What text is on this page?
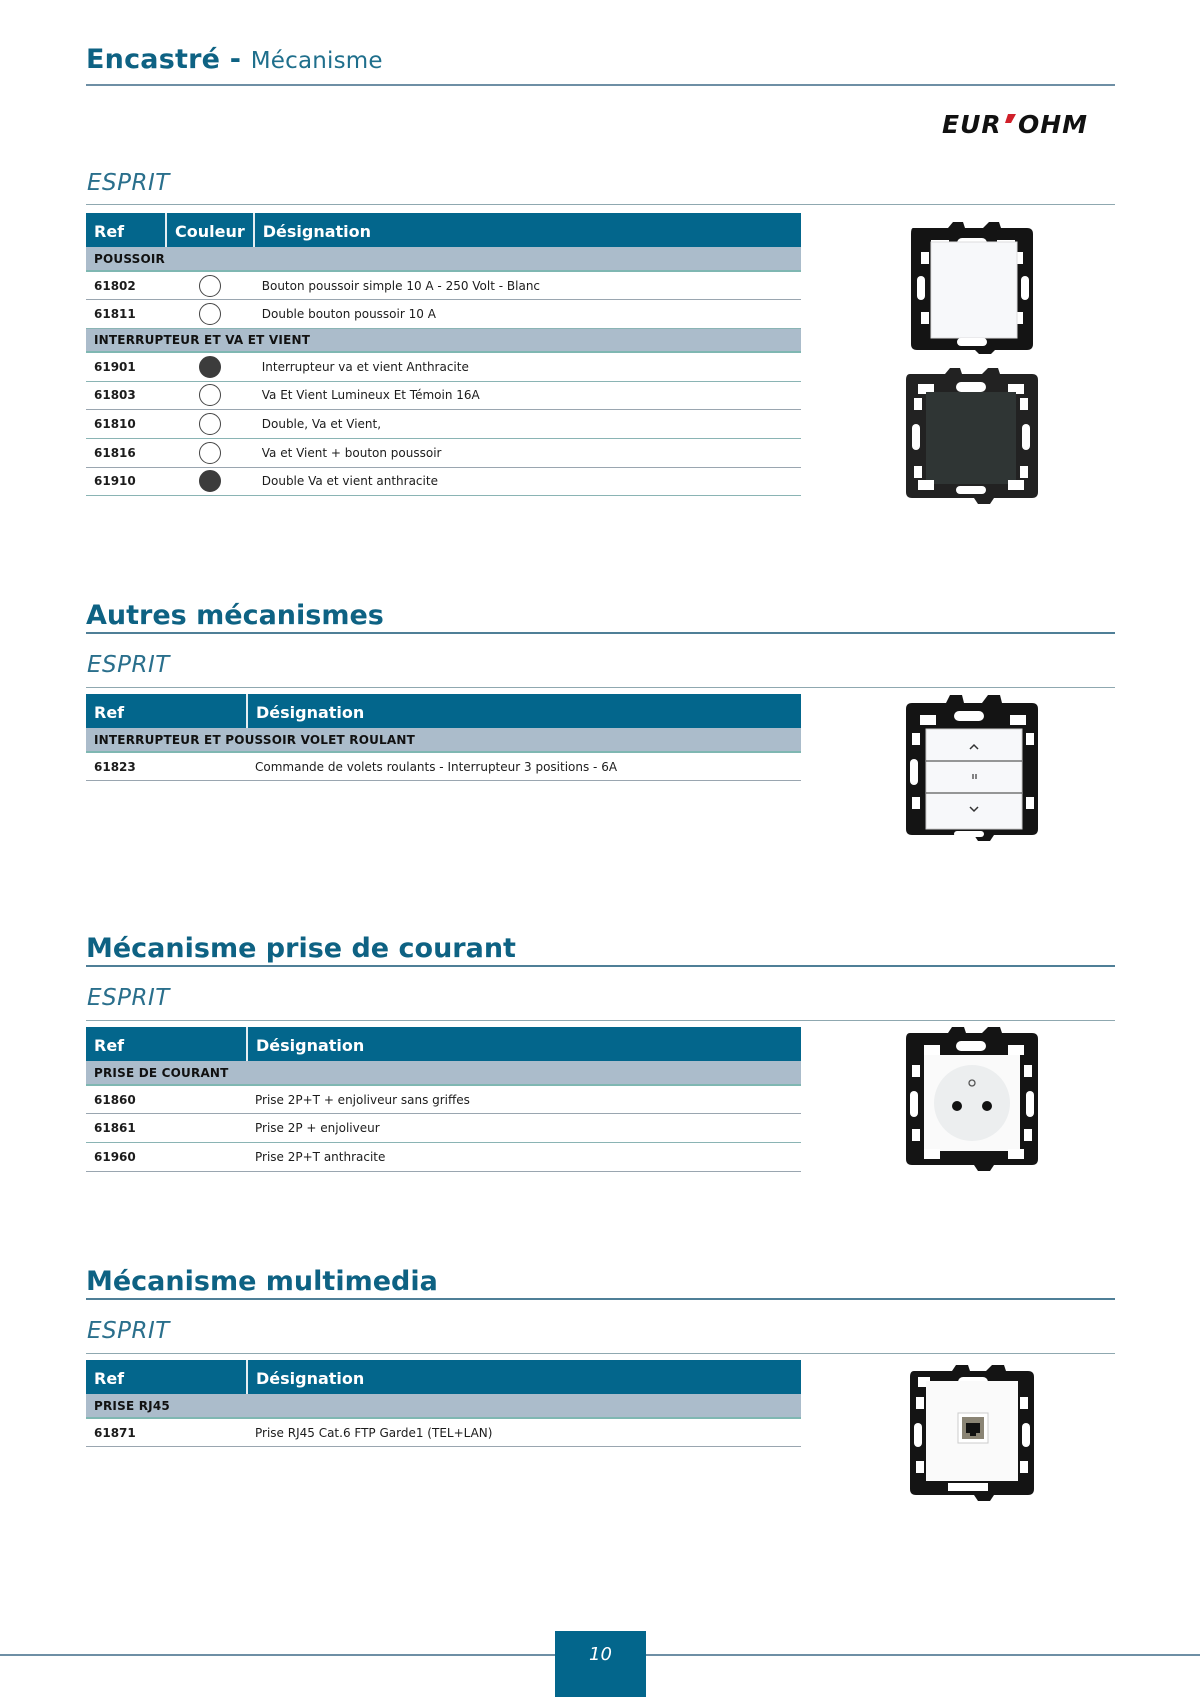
Encastré - Mécanisme
EUR OHM
ESPRIT
Ref	Couleur	Désignation
POUSSOIR		
61802		Bouton poussoir simple 10 A - 250 Volt - Blanc
61811		Double bouton poussoir 10 A
INTERRUPTEUR ET VA ET VIENT		
61901		Interrupteur va et vient Anthracite
61803		Va Et Vient Lumineux Et Témoin 16A
61810		Double, Va et Vient,
61816		Va et Vient + bouton poussoir
61910		Double Va et vient anthracite
Autres mécanismes
ESPRIT
Ref	Désignation
INTERRUPTEUR ET POUSSOIR VOLET ROULANT	
61823	Commande de volets roulants - Interrupteur 3 positions - 6A
Mécanisme prise de courant
ESPRIT
Ref	Désignation
PRISE DE COURANT	
61860	Prise 2P+T + enjoliveur sans griffes
61861	Prise 2P + enjoliveur
61960	Prise 2P+T anthracite
Mécanisme multimedia
ESPRIT
Ref	Désignation
PRISE RJ45	
61871	Prise RJ45 Cat.6 FTP Garde1 (TEL+LAN)
10
